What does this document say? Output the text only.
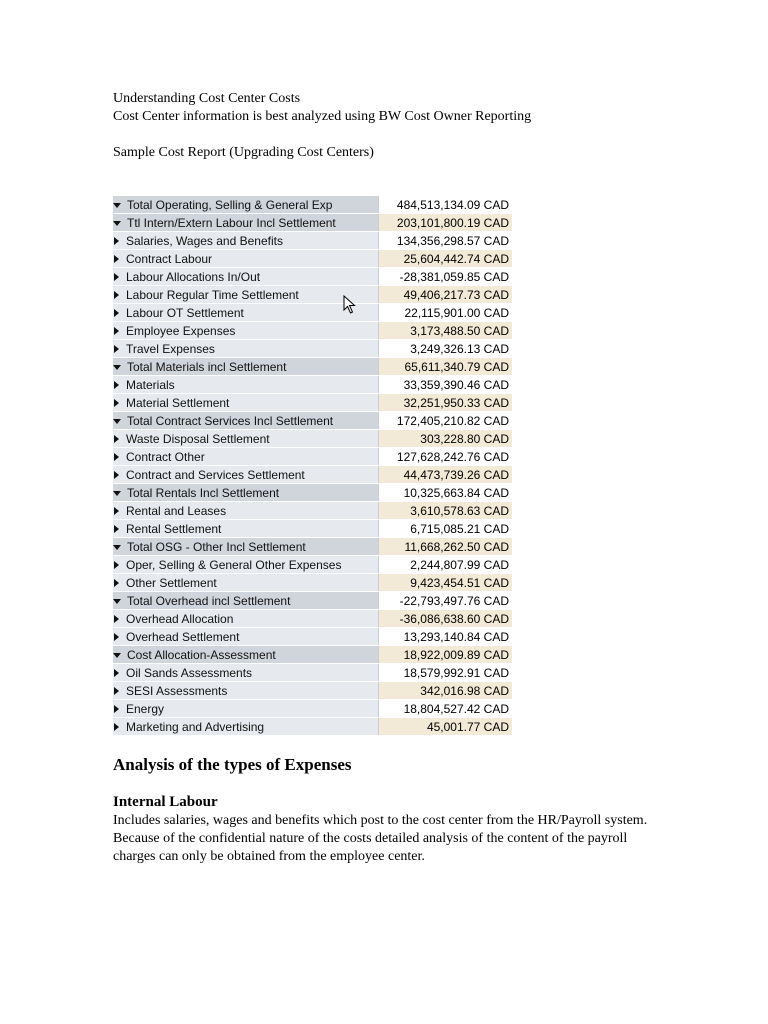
Understanding Cost Center Costs

Cost Center information is best analyzed using BW Cost Owner Reporting

Sample Cost Report (Upgrading Cost Centers)

Total Operating, Selling & General Exp	484,513,134.09 CAD
Ttl Intern/Extern Labour Incl Settlement	203,101,800.19 CAD
Salaries, Wages and Benefits	134,356,298.57 CAD
Contract Labour	25,604,442.74 CAD
Labour Allocations In/Out	-28,381,059.85 CAD
Labour Regular Time Settlement	49,406,217.73 CAD
Labour OT Settlement	22,115,901.00 CAD
Employee Expenses	3,173,488.50 CAD
Travel Expenses	3,249,326.13 CAD
Total Materials incl Settlement	65,611,340.79 CAD
Materials	33,359,390.46 CAD
Material Settlement	32,251,950.33 CAD
Total Contract Services Incl Settlement	172,405,210.82 CAD
Waste Disposal Settlement	303,228.80 CAD
Contract Other	127,628,242.76 CAD
Contract and Services Settlement	44,473,739.26 CAD
Total Rentals Incl Settlement	10,325,663.84 CAD
Rental and Leases	3,610,578.63 CAD
Rental Settlement	6,715,085.21 CAD
Total OSG - Other Incl Settlement	11,668,262.50 CAD
Oper, Selling & General Other Expenses	2,244,807.99 CAD
Other Settlement	9,423,454.51 CAD
Total Overhead incl Settlement	-22,793,497.76 CAD
Overhead Allocation	-36,086,638.60 CAD
Overhead Settlement	13,293,140.84 CAD
Cost Allocation-Assessment	18,922,009.89 CAD
Oil Sands Assessments	18,579,992.91 CAD
SESI Assessments	342,016.98 CAD
Energy	18,804,527.42 CAD
Marketing and Advertising	45,001.77 CAD
Analysis of the types of Expenses
Internal Labour

Includes salaries, wages and benefits which post to the cost center from the HR/Payroll system. Because of the confidential nature of the costs detailed analysis of the content of the payroll charges can only be obtained from the employee center.
